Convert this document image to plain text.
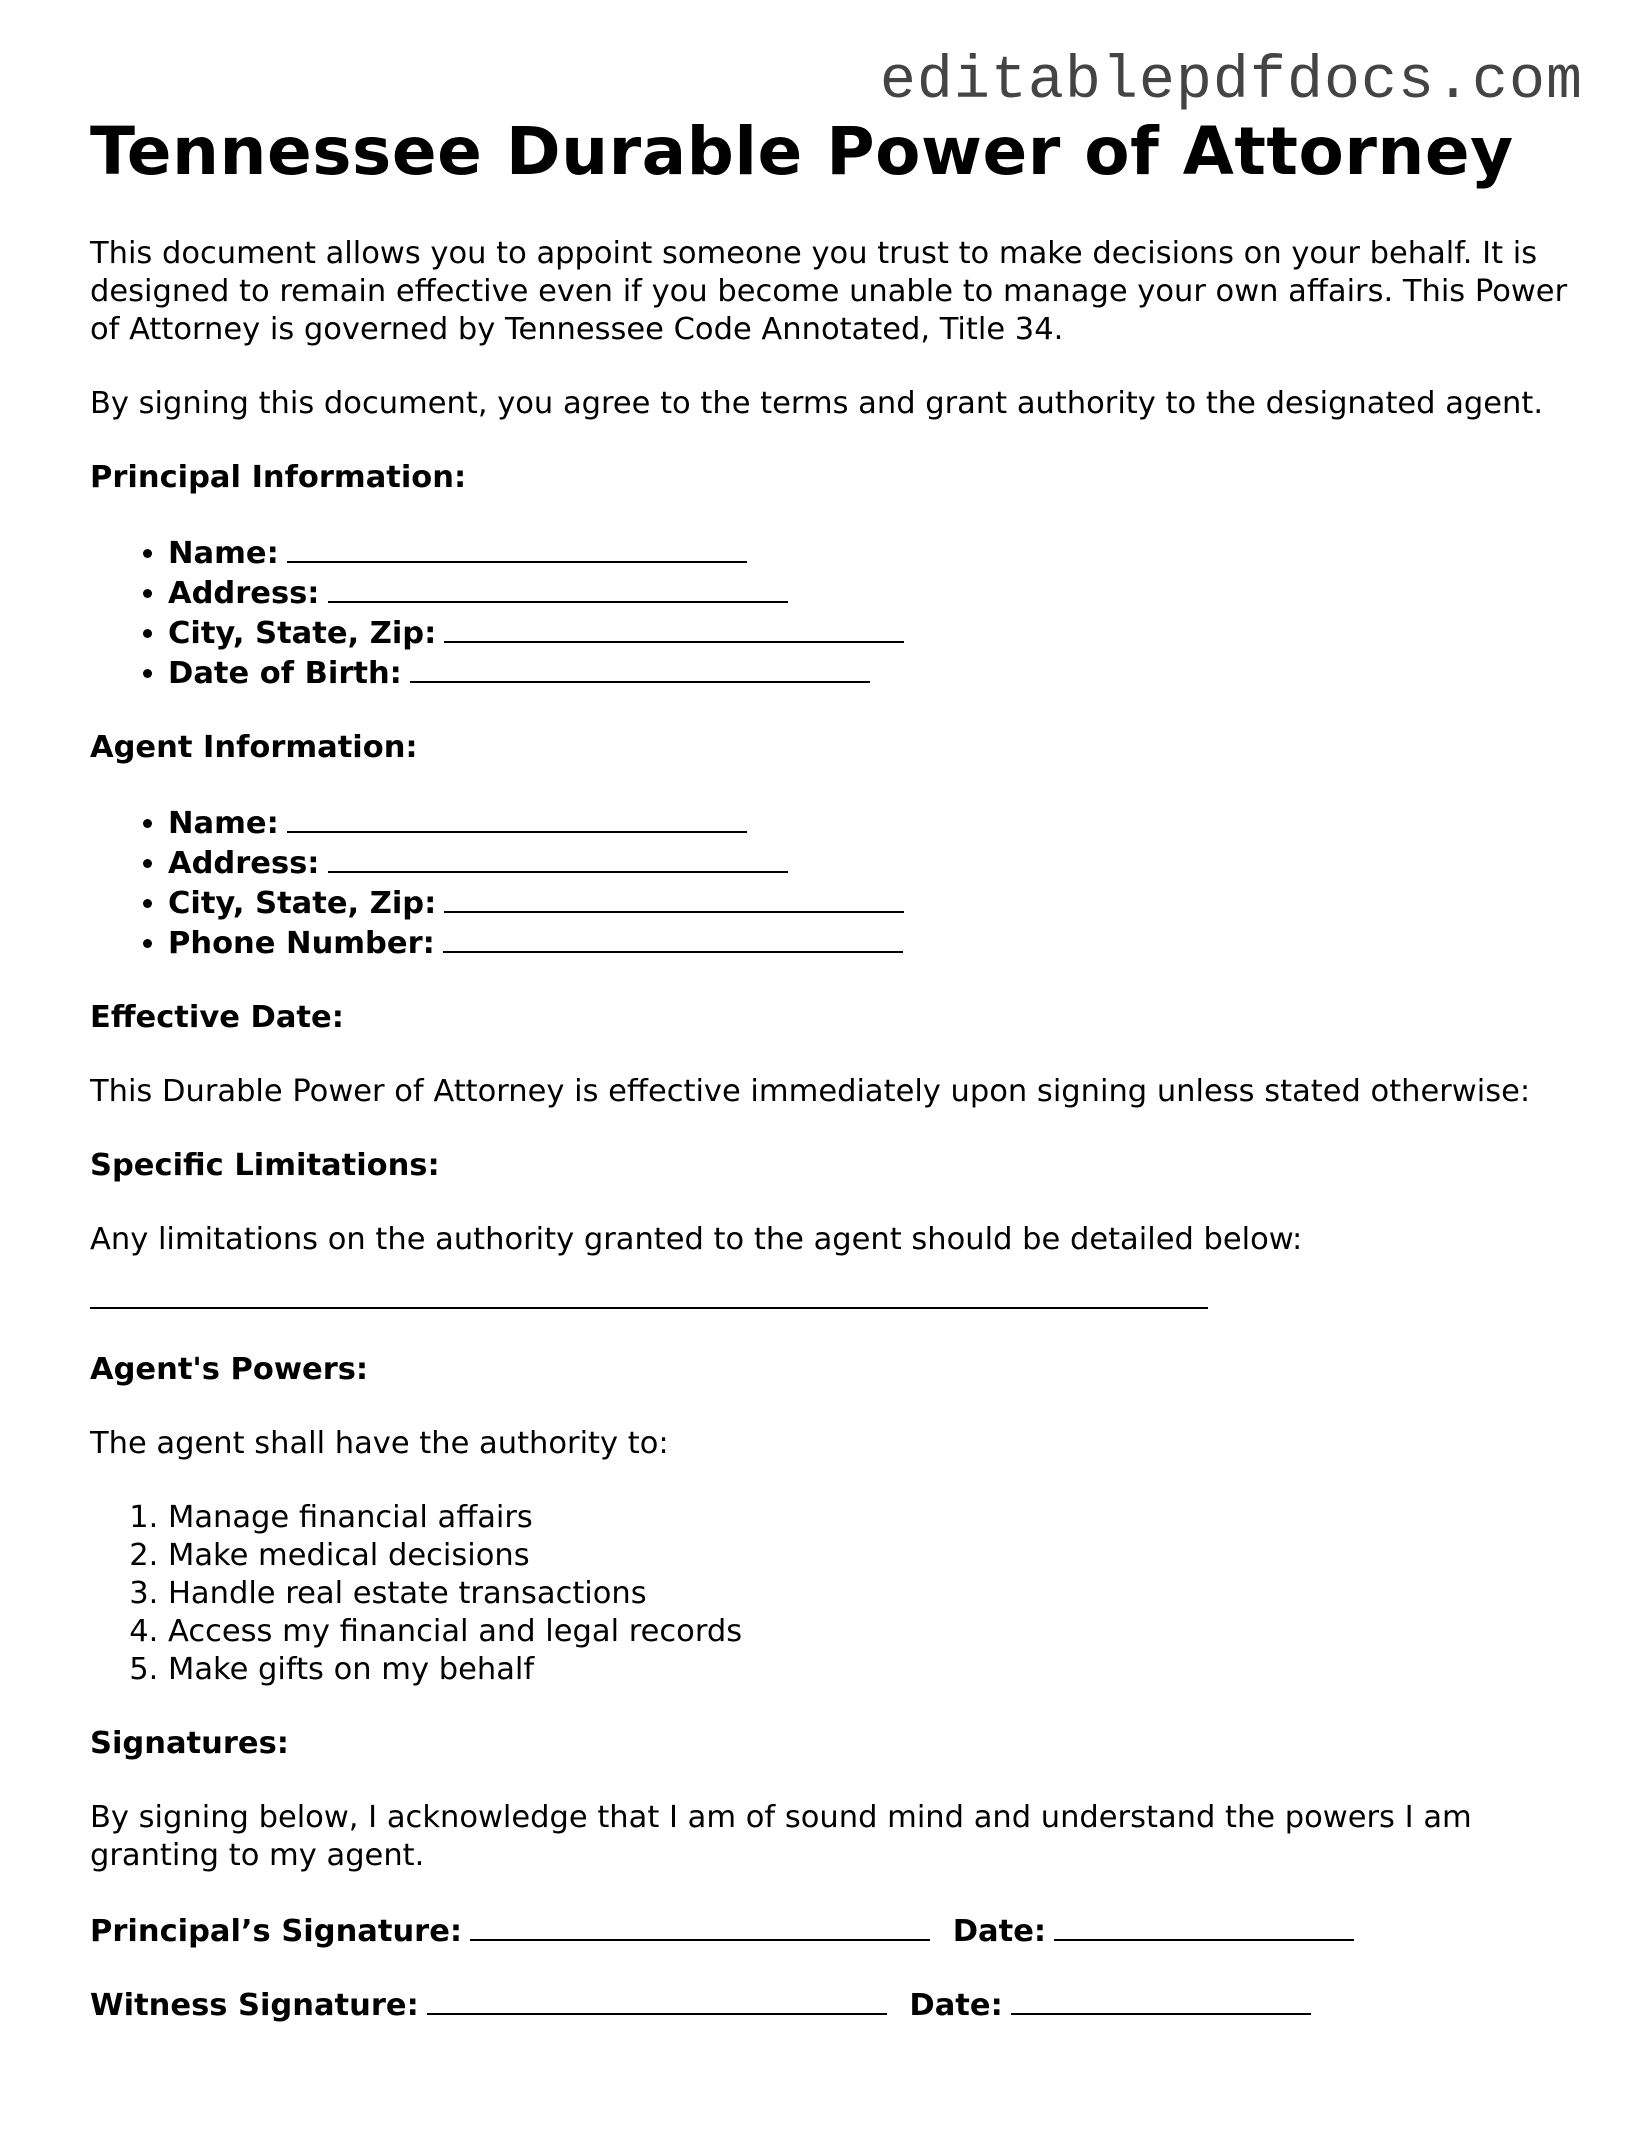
editablepdfdocs.com
Tennessee Durable Power of Attorney

This document allows you to appoint someone you trust to make decisions on your behalf. It is designed to remain effective even if you become unable to manage your own affairs. This Power of Attorney is governed by Tennessee Code Annotated, Title 34.

By signing this document, you agree to the terms and grant authority to the designated agent.

Principal Information:
• Name:
• Address:
• City, State, Zip:
• Date of Birth:
Agent Information:
• Name:
• Address:
• City, State, Zip:
• Phone Number:
Effective Date:

This Durable Power of Attorney is effective immediately upon signing unless stated otherwise:

Specific Limitations:

Any limitations on the authority granted to the agent should be detailed below:

Agent's Powers:

The agent shall have the authority to:

1. Manage financial affairs
2. Make medical decisions
3. Handle real estate transactions
4. Access my financial and legal records
5. Make gifts on my behalf
Signatures:

By signing below, I acknowledge that I am of sound mind and understand the powers I am granting to my agent.

Principal’s Signature:	Date:
Witness Signature:	Date:
